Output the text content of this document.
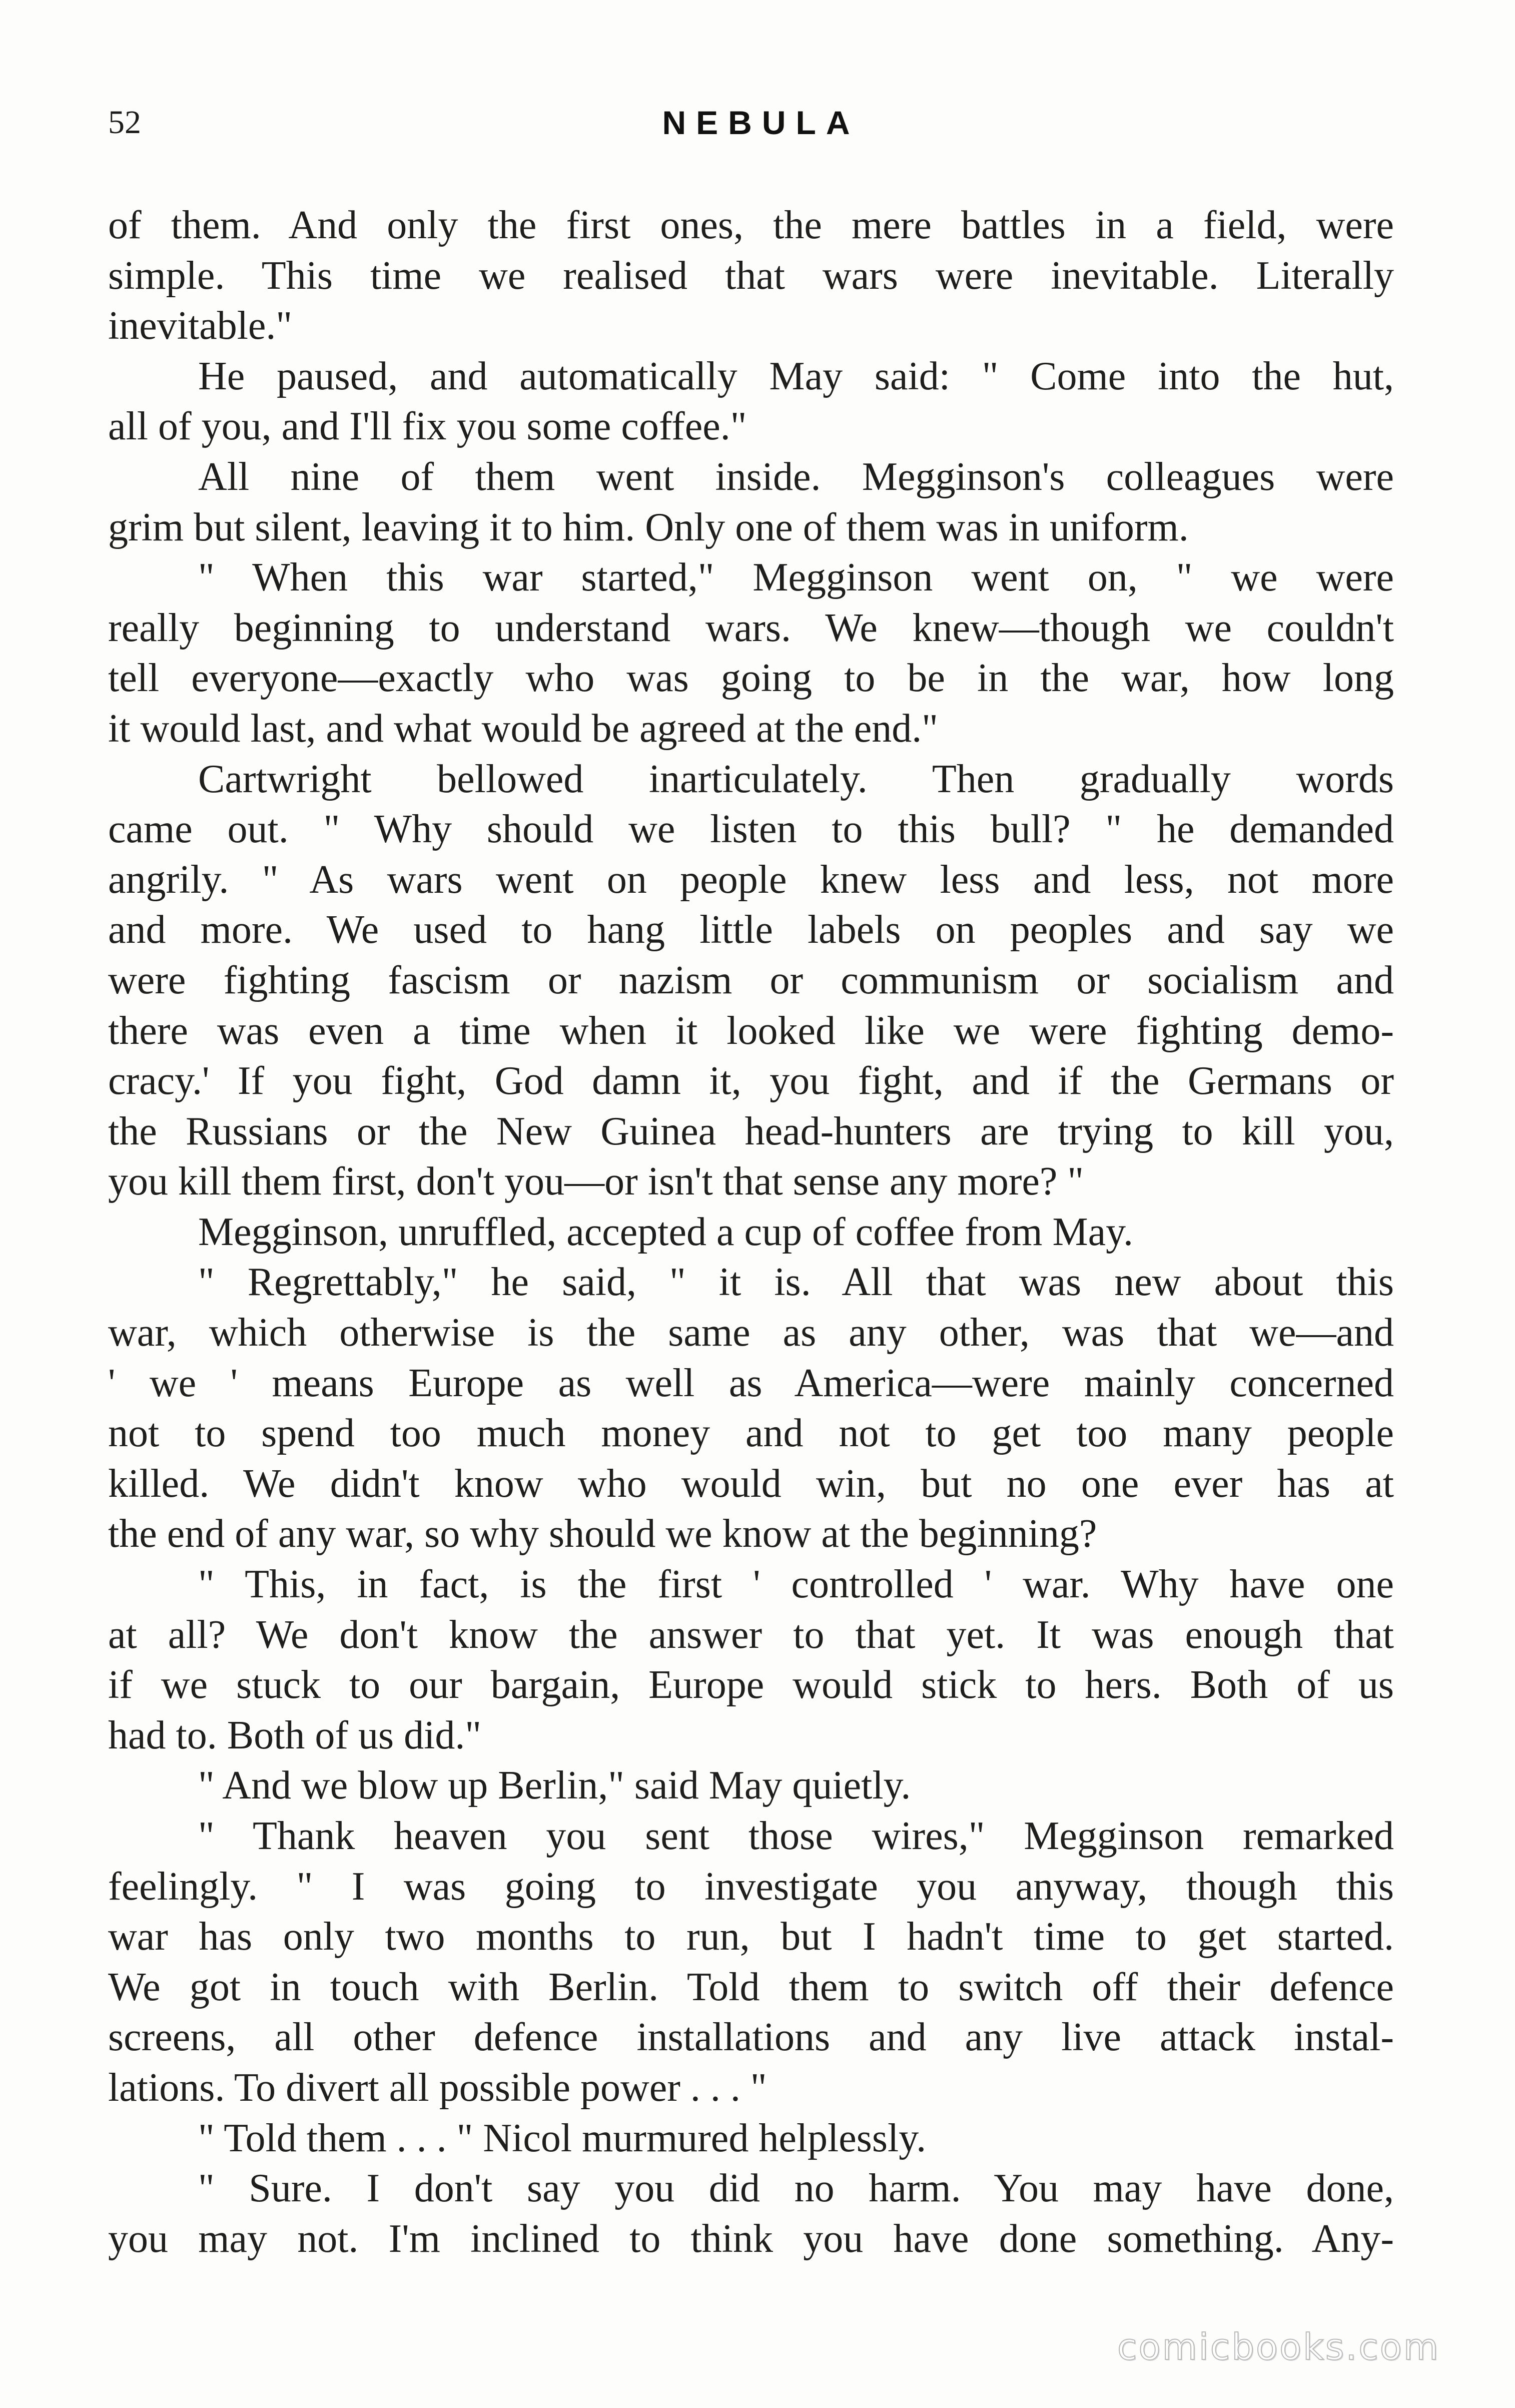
52	NEBULA
of them. And only the first ones, the mere battles in a field, were
simple. This time we realised that wars were inevitable. Literally
inevitable."
He paused, and automatically May said: " Come into the hut,
all of you, and I'll fix you some coffee."
All nine of them went inside. Megginson's colleagues were
grim but silent, leaving it to him. Only one of them was in uniform.
" When this war started," Megginson went on, " we were
really beginning to understand wars. We knew—though we couldn't
tell everyone—exactly who was going to be in the war, how long
it would last, and what would be agreed at the end."
Cartwright bellowed inarticulately. Then gradually words
came out. " Why should we listen to this bull? " he demanded
angrily. " As wars went on people knew less and less, not more
and more. We used to hang little labels on peoples and say we
were fighting fascism or nazism or communism or socialism and
there was even a time when it looked like we were fighting demo-
cracy.' If you fight, God damn it, you fight, and if the Germans or
the Russians or the New Guinea head-hunters are trying to kill you,
you kill them first, don't you—or isn't that sense any more? "
Megginson, unruffled, accepted a cup of coffee from May.
" Regrettably," he said, " it is. All that was new about this
war, which otherwise is the same as any other, was that we—and
' we ' means Europe as well as America—were mainly concerned
not to spend too much money and not to get too many people
killed. We didn't know who would win, but no one ever has at
the end of any war, so why should we know at the beginning?
" This, in fact, is the first ' controlled ' war. Why have one
at all? We don't know the answer to that yet. It was enough that
if we stuck to our bargain, Europe would stick to hers. Both of us
had to. Both of us did."
" And we blow up Berlin," said May quietly.
" Thank heaven you sent those wires," Megginson remarked
feelingly. " I was going to investigate you anyway, though this
war has only two months to run, but I hadn't time to get started.
We got in touch with Berlin. Told them to switch off their defence
screens, all other defence installations and any live attack instal-
lations. To divert all possible power . . . "
" Told them . . . " Nicol murmured helplessly.
" Sure. I don't say you did no harm. You may have done,
you may not. I'm inclined to think you have done something. Any-
comicbooks.com
